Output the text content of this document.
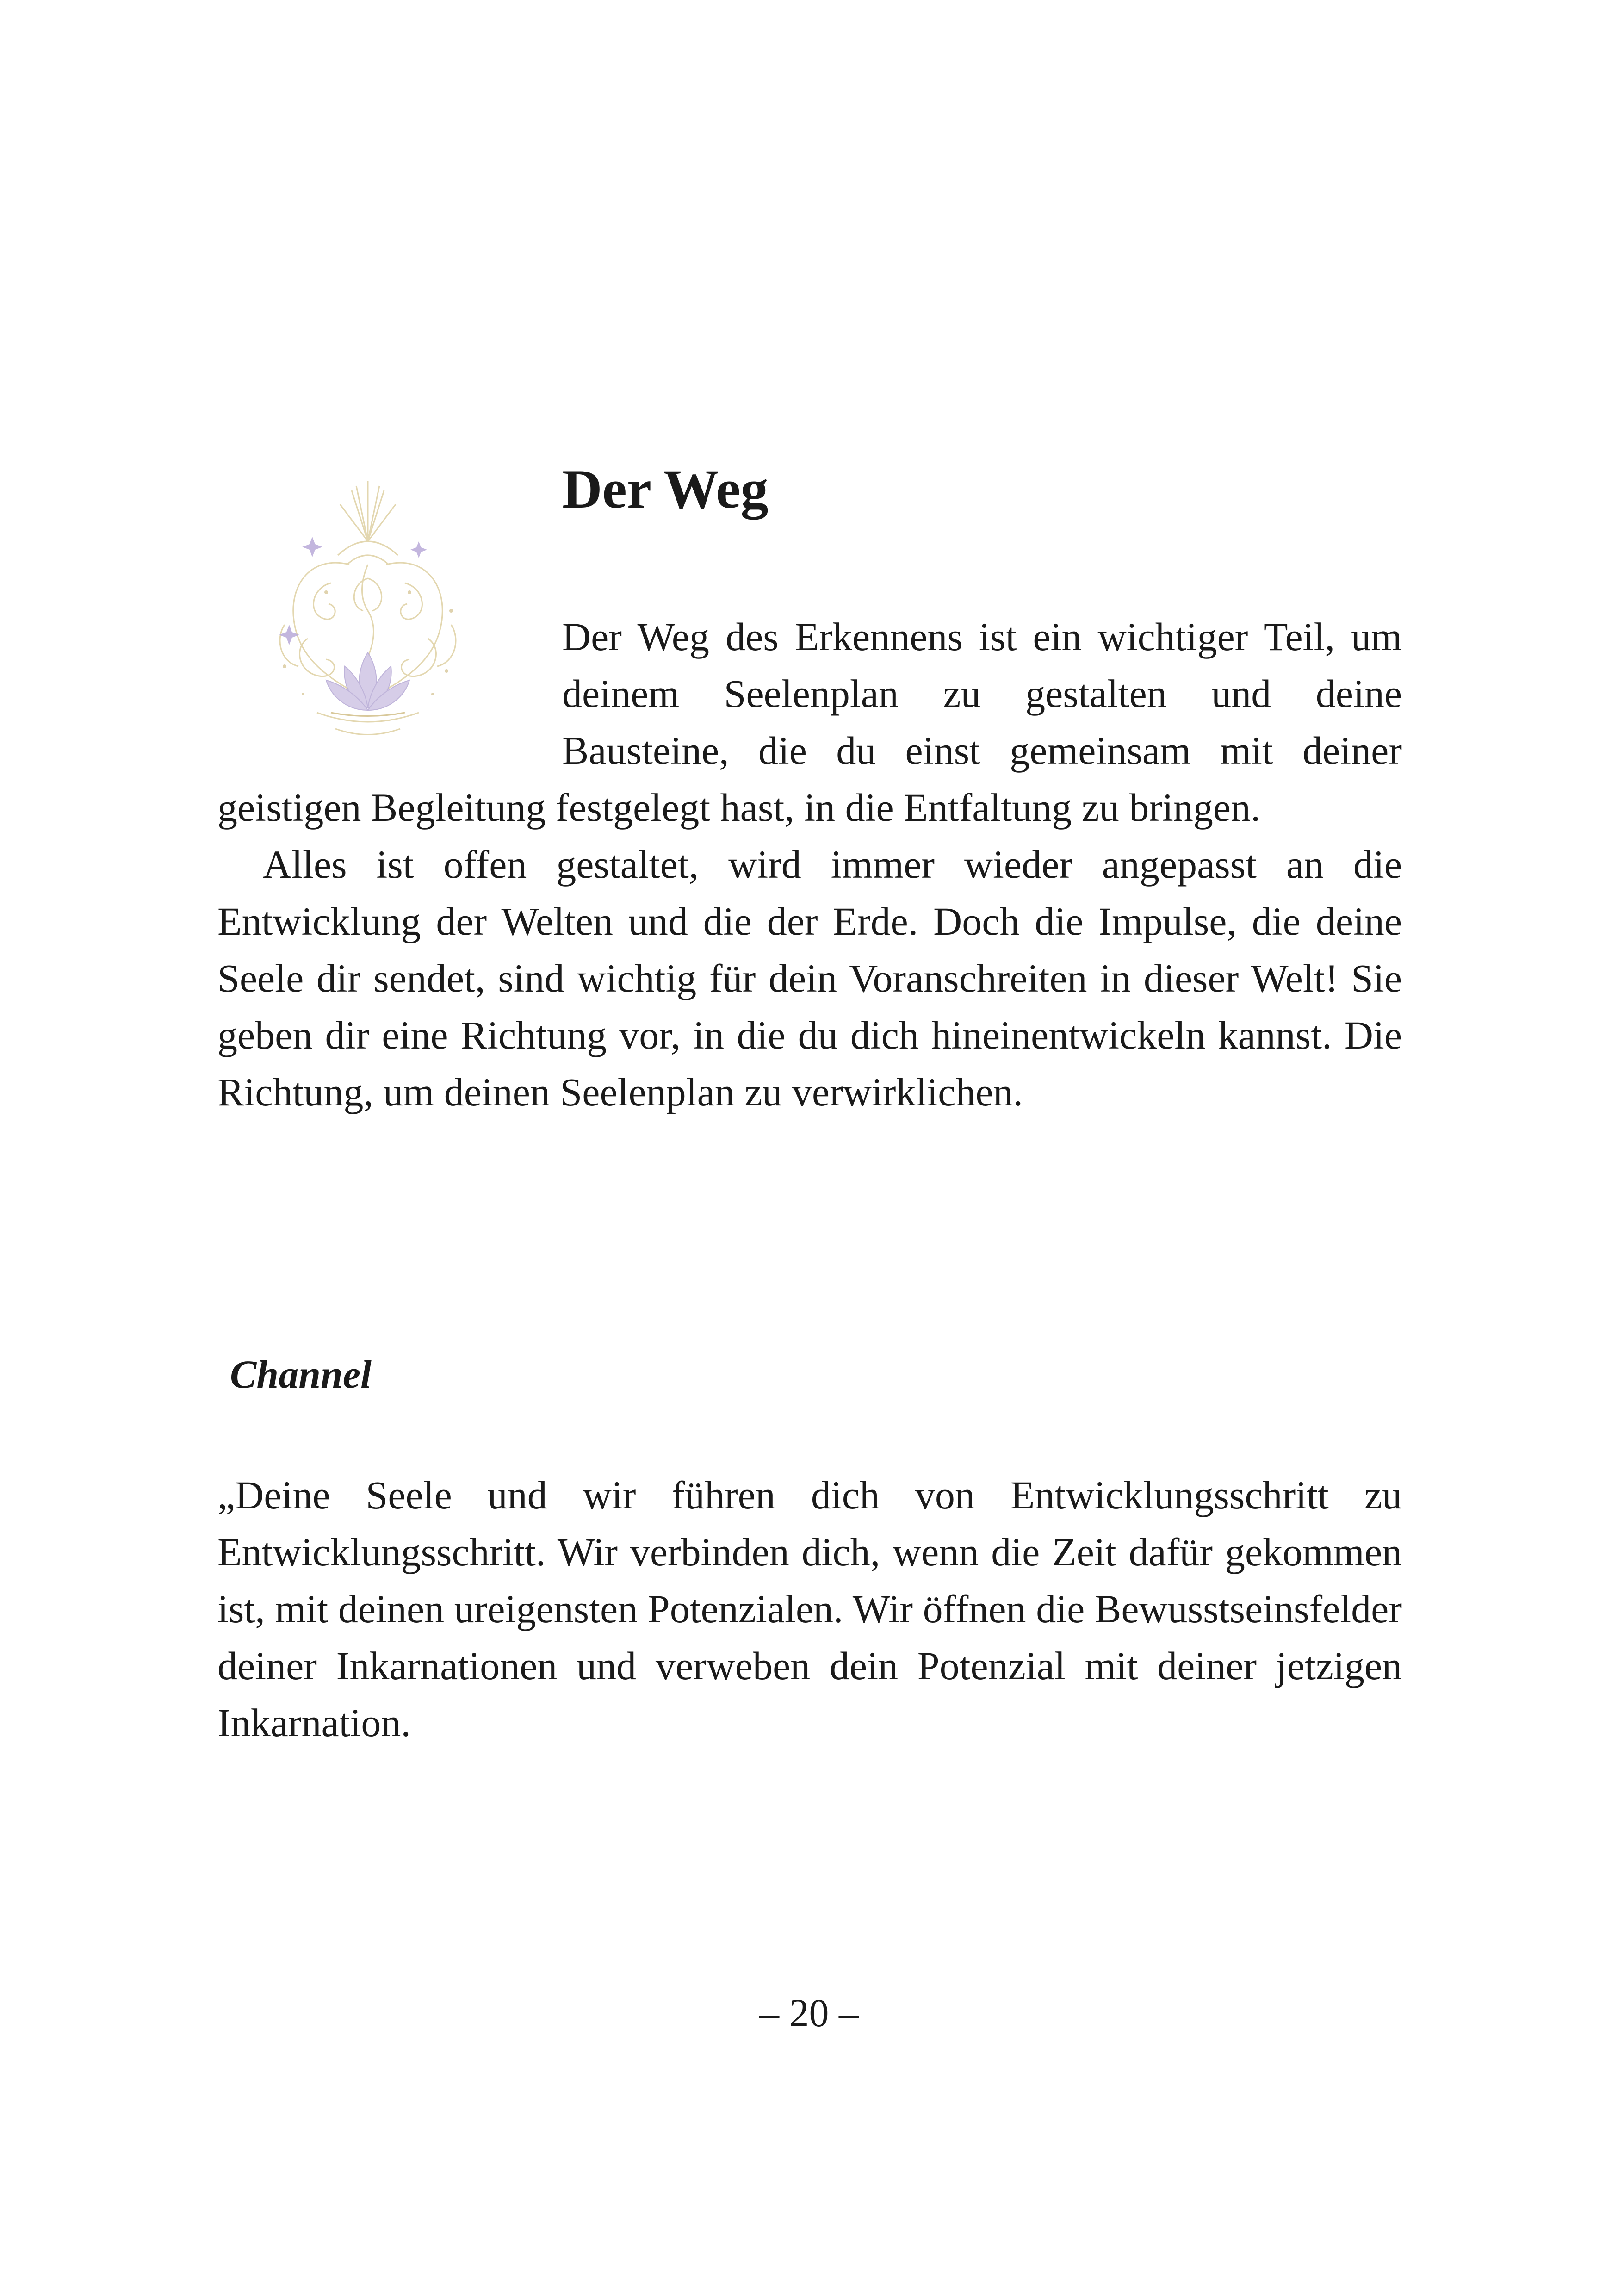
Der Weg

Der Weg des Erkennens ist ein wichtiger Teil, um deinem Seelenplan zu gestalten und deine Bausteine, die du einst gemeinsam mit deiner geistigen Begleitung festgelegt hast, in die Entfaltung zu bringen.

Alles ist offen gestaltet, wird immer wieder angepasst an die Entwicklung der Welten und die der Erde. Doch die Impulse, die deine Seele dir sendet, sind wichtig für dein Voranschreiten in dieser Welt! Sie geben dir eine Richtung vor, in die du dich hineinentwickeln kannst. Die Richtung, um deinen Seelenplan zu verwirklichen.

Channel

„Deine Seele und wir führen dich von Entwicklungsschritt zu Entwicklungsschritt. Wir verbinden dich, wenn die Zeit dafür gekommen ist, mit deinen ureigensten Potenzialen. Wir öffnen die Bewusstseinsfelder deiner Inkarnationen und verweben dein Potenzial mit deiner jetzigen Inkarnation.

– 20 –
